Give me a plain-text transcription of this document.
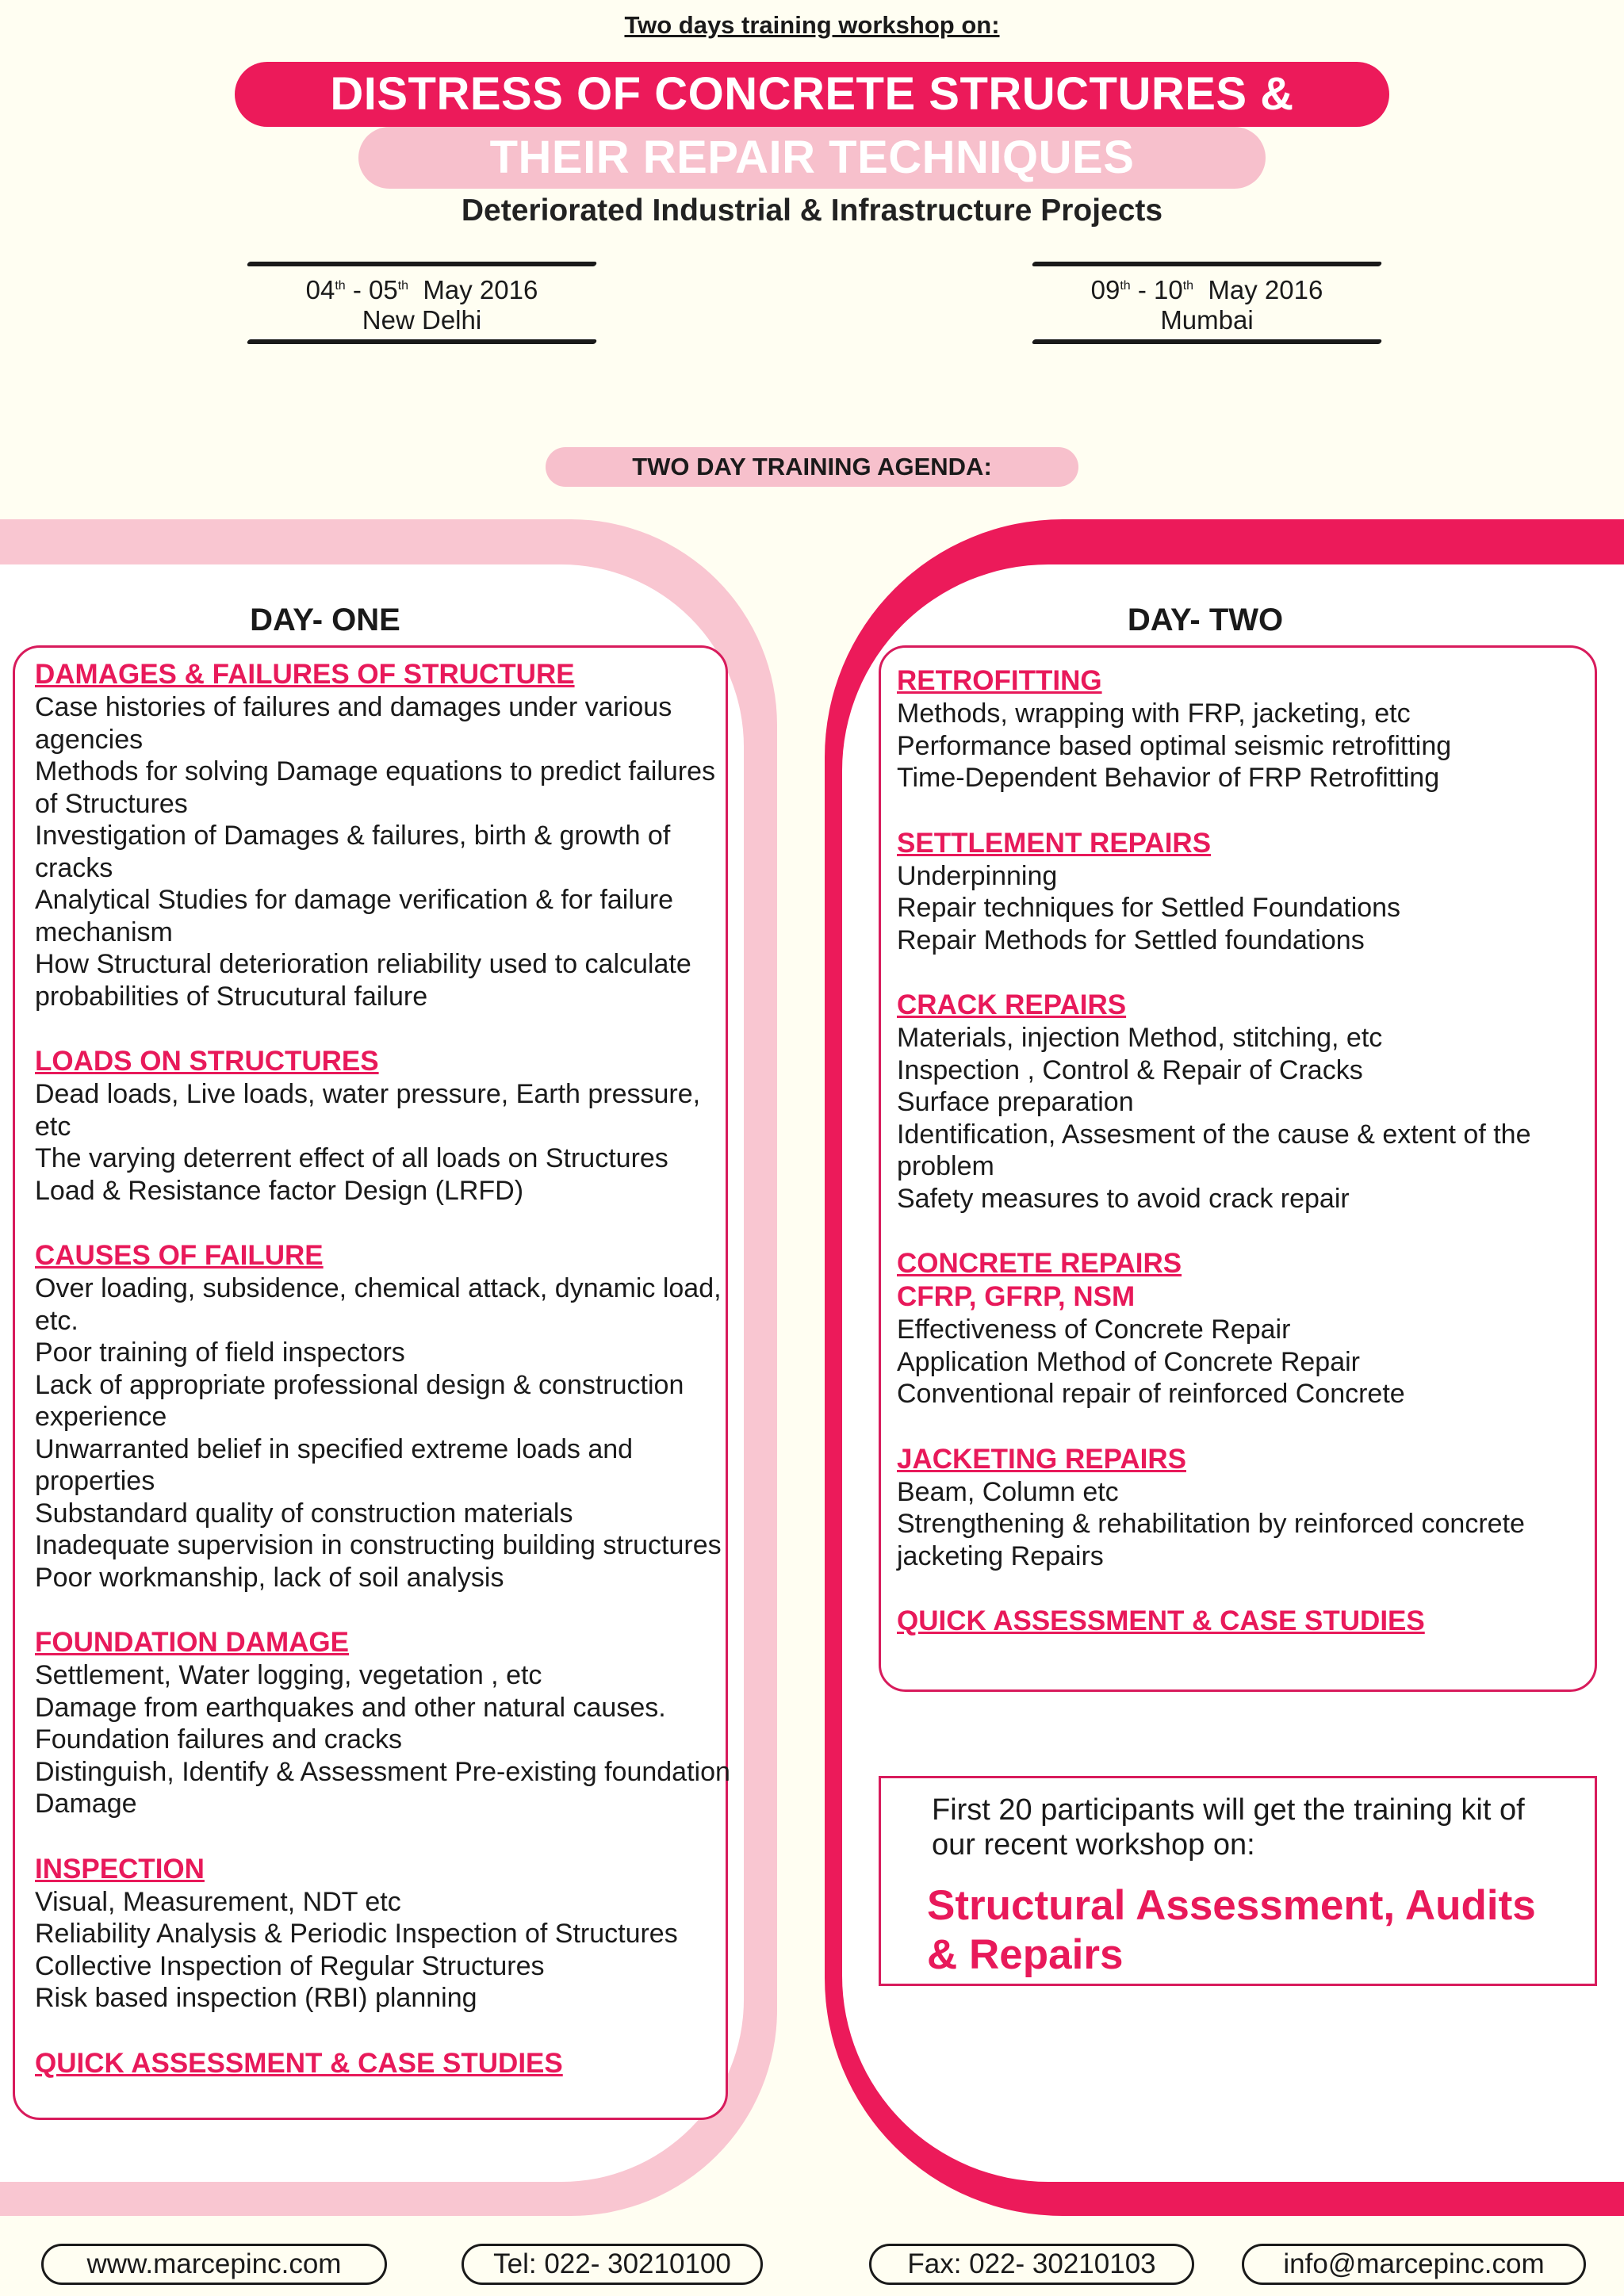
Two days training workshop on:
DISTRESS OF CONCRETE STRUCTURES &
THEIR REPAIR TECHNIQUES
Deteriorated Industrial & Infrastructure Projects
04th - 05th May 2016
New Delhi
09th - 10th May 2016
Mumbai
TWO DAY TRAINING AGENDA:
DAY- ONE	DAY- TWO
DAMAGES & FAILURES OF STRUCTURE
Case histories of failures and damages under various agencies
Methods for solving Damage equations to predict failures of Structures
Investigation of Damages & failures, birth & growth of cracks
Analytical Studies for damage verification & for failure mechanism
How Structural deterioration reliability used to calculate probabilities of Strucutural failure
LOADS ON STRUCTURES
Dead loads, Live loads, water pressure, Earth pressure, etc
The varying deterrent effect of all loads on Structures
Load & Resistance factor Design (LRFD)
CAUSES OF FAILURE
Over loading, subsidence, chemical attack, dynamic load, etc.
Poor training of field inspectors
Lack of appropriate professional design & construction experience
Unwarranted belief in specified extreme loads and properties
Substandard quality of construction materials
Inadequate supervision in constructing building structures
Poor workmanship, lack of soil analysis
FOUNDATION DAMAGE
Settlement, Water logging, vegetation , etc
Damage from earthquakes and other natural causes.
Foundation failures and cracks
Distinguish, Identify & Assessment Pre-existing foundation Damage
INSPECTION
Visual, Measurement, NDT etc
Reliability Analysis & Periodic Inspection of Structures
Collective Inspection of Regular Structures
Risk based inspection (RBI) planning
QUICK ASSESSMENT & CASE STUDIES
RETROFITTING
Methods, wrapping with FRP, jacketing, etc
Performance based optimal seismic retrofitting
Time-Dependent Behavior of FRP Retrofitting
SETTLEMENT REPAIRS
Underpinning
Repair techniques for Settled Foundations
Repair Methods for Settled foundations
CRACK REPAIRS
Materials, injection Method, stitching, etc
Inspection , Control & Repair of Cracks
Surface preparation
Identification, Assesment of the cause & extent of the problem
Safety measures to avoid crack repair
CONCRETE REPAIRS
CFRP, GFRP, NSM
Effectiveness of Concrete Repair
Application Method of Concrete Repair
Conventional repair of reinforced Concrete
JACKETING REPAIRS
Beam, Column etc
Strengthening & rehabilitation by reinforced concrete jacketing Repairs
QUICK ASSESSMENT & CASE STUDIES
First 20 participants will get the training kit of our recent workshop on:
Structural Assessment, Audits & Repairs
www.marcepinc.com	Tel: 022- 30210100	Fax: 022- 30210103	info@marcepinc.com
